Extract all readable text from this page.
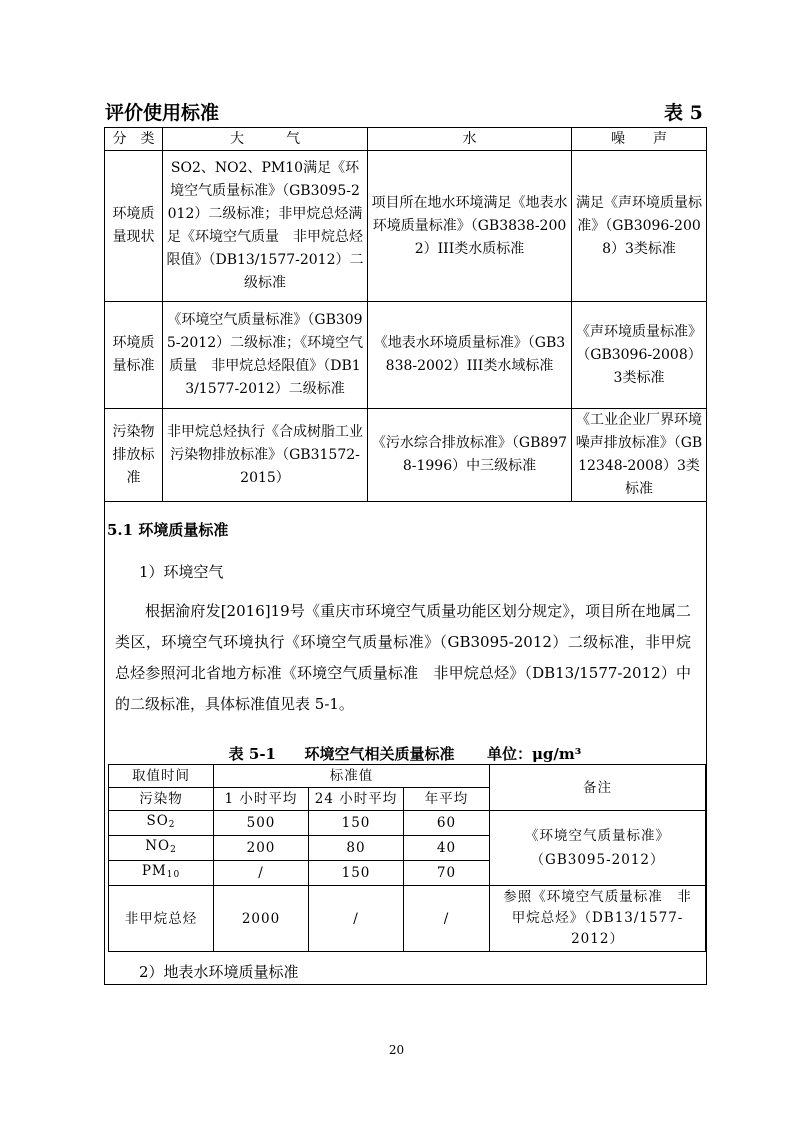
评价使用标准	表 5
分　类	大　　　气	水	噪　　声
环境质量现状	SO2、NO2、PM10满足《环境空气质量标准》（GB3095-2012）二级标准；非甲烷总烃满足《环境空气质量　非甲烷总烃限值》（DB13/1577-2012）二级标准	项目所在地水环境满足《地表水环境质量标准》（GB3838-2002）III类水质标准	满足《声环境质量标准》（GB3096-2008）3类标准
环境质量标准	《环境空气质量标准》（GB3095-2012）二级标准；《环境空气质量　非甲烷总烃限值》（DB13/1577-2012）二级标准	《地表水环境质量标准》（GB3838-2002）III类水域标准	《声环境质量标准》（GB3096-2008）3类标准
污染物排放标准	非甲烷总烃执行《合成树脂工业污染物排放标准》（GB31572-2015）	《污水综合排放标准》（GB8978-1996）中三级标准	《工业企业厂界环境噪声排放标准》（GB12348-2008）3类标准
5.1 环境质量标准
1）环境空气
根据渝府发[2016]19号《重庆市环境空气质量功能区划分规定》，项目所在地属二类区，环境空气环境执行《环境空气质量标准》（GB3095-2012）二级标准，非甲烷总烃参照河北省地方标准《环境空气质量标准　非甲烷总烃》（DB13/1577-2012）中的二级标准，具体标准值见表 5-1。
表 5-1 环境空气相关质量标准 单位：μg/m³
取值时间	标准值			备注
污染物	1 小时平均	24 小时平均	年平均	
$SO_2$	500	150	60	《环境空气质量标准》（GB3095-2012）
$NO_2$	200	80	40	
$PM_{10}$	/	150	70	
非甲烷总烃	2000	/	/	参照《环境空气质量标准　非甲烷总烃》（DB13/1577-2012）
2）地表水环境质量标准
20
